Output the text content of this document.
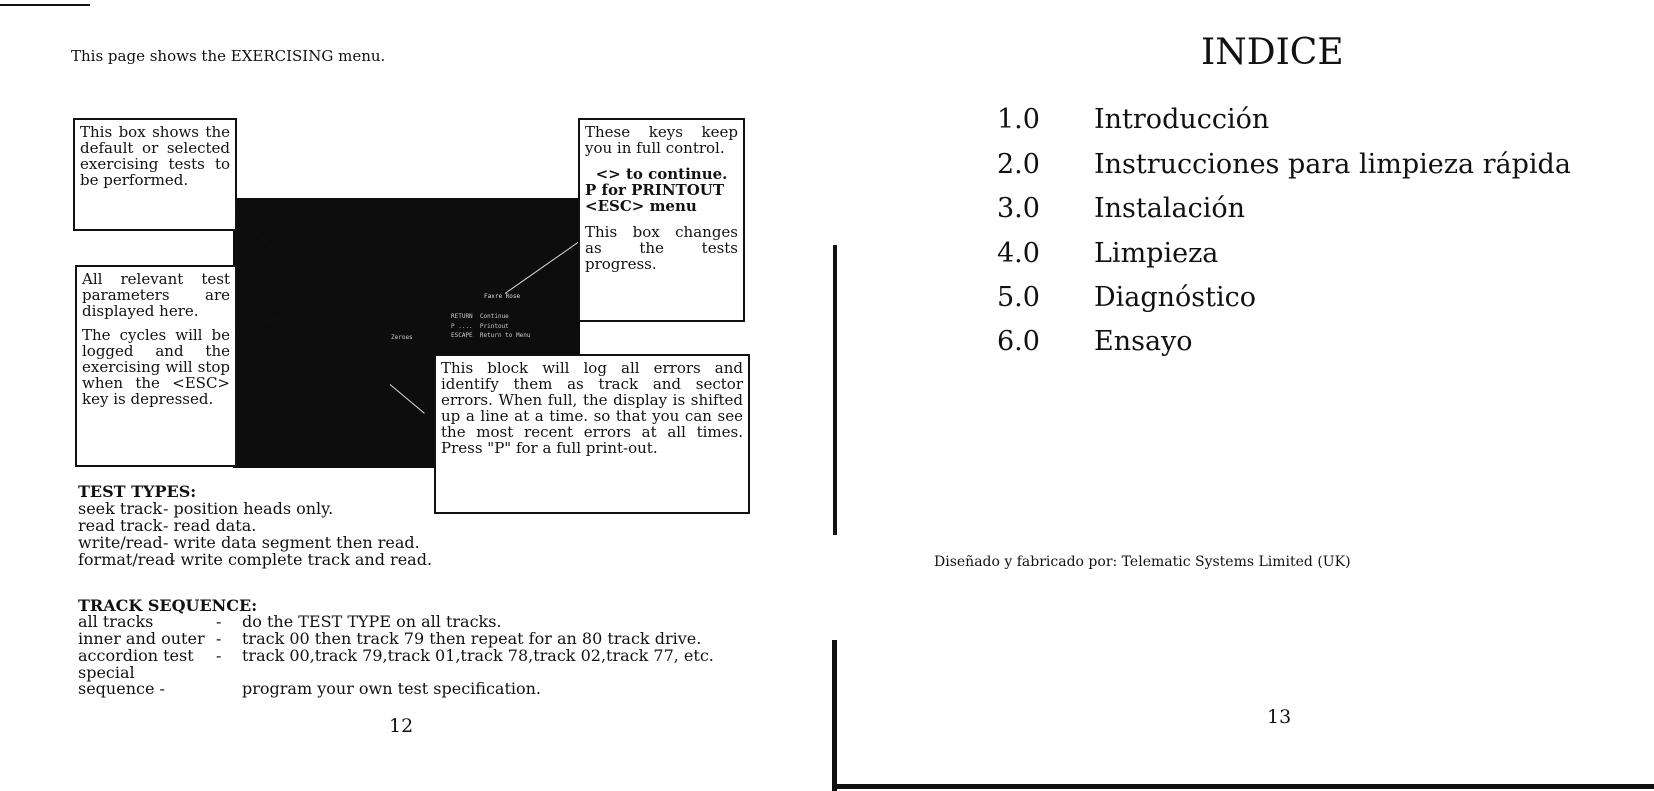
This page shows the EXERCISING menu.
Faxre Rose
RETURN  Continue
P ....  Printout
ESCAPE  Return to Menu
Zeroes
This box shows the default or selected exercising tests to be performed.
All relevant test parameters are displayed here.
The cycles will be logged and the exercising will stop when the <ESC> key is depressed.
These keys keep you in full control.
<> to continue.
P for PRINTOUT
<ESC> menu
This box changes as the tests progress.
This block will log all errors and identify them as track and sector errors. When full, the display is shifted up a line at a time. so that you can see the most recent errors at all times. Press "P" for a full print-out.
TEST TYPES:
seek track- position heads only.
read track- read data.
write/read- write data segment then read.
format/read- write complete track and read.
TRACK SEQUENCE:
all tracks	- do the TEST TYPE on all tracks.
inner and outer - track 00 then track 79 then repeat for an 80 track drive.
accordion test - track 00,track 79,track 01,track 78,track 02,track 77, etc.
special sequence -	program your own test specification.
12
INDICE
1.0 Introducción
2.0 Instrucciones para limpieza rápida
3.0 Instalación
4.0 Limpieza
5.0 Diagnóstico
6.0 Ensayo
Diseñado y fabricado por: Telematic Systems Limited (UK)
13
